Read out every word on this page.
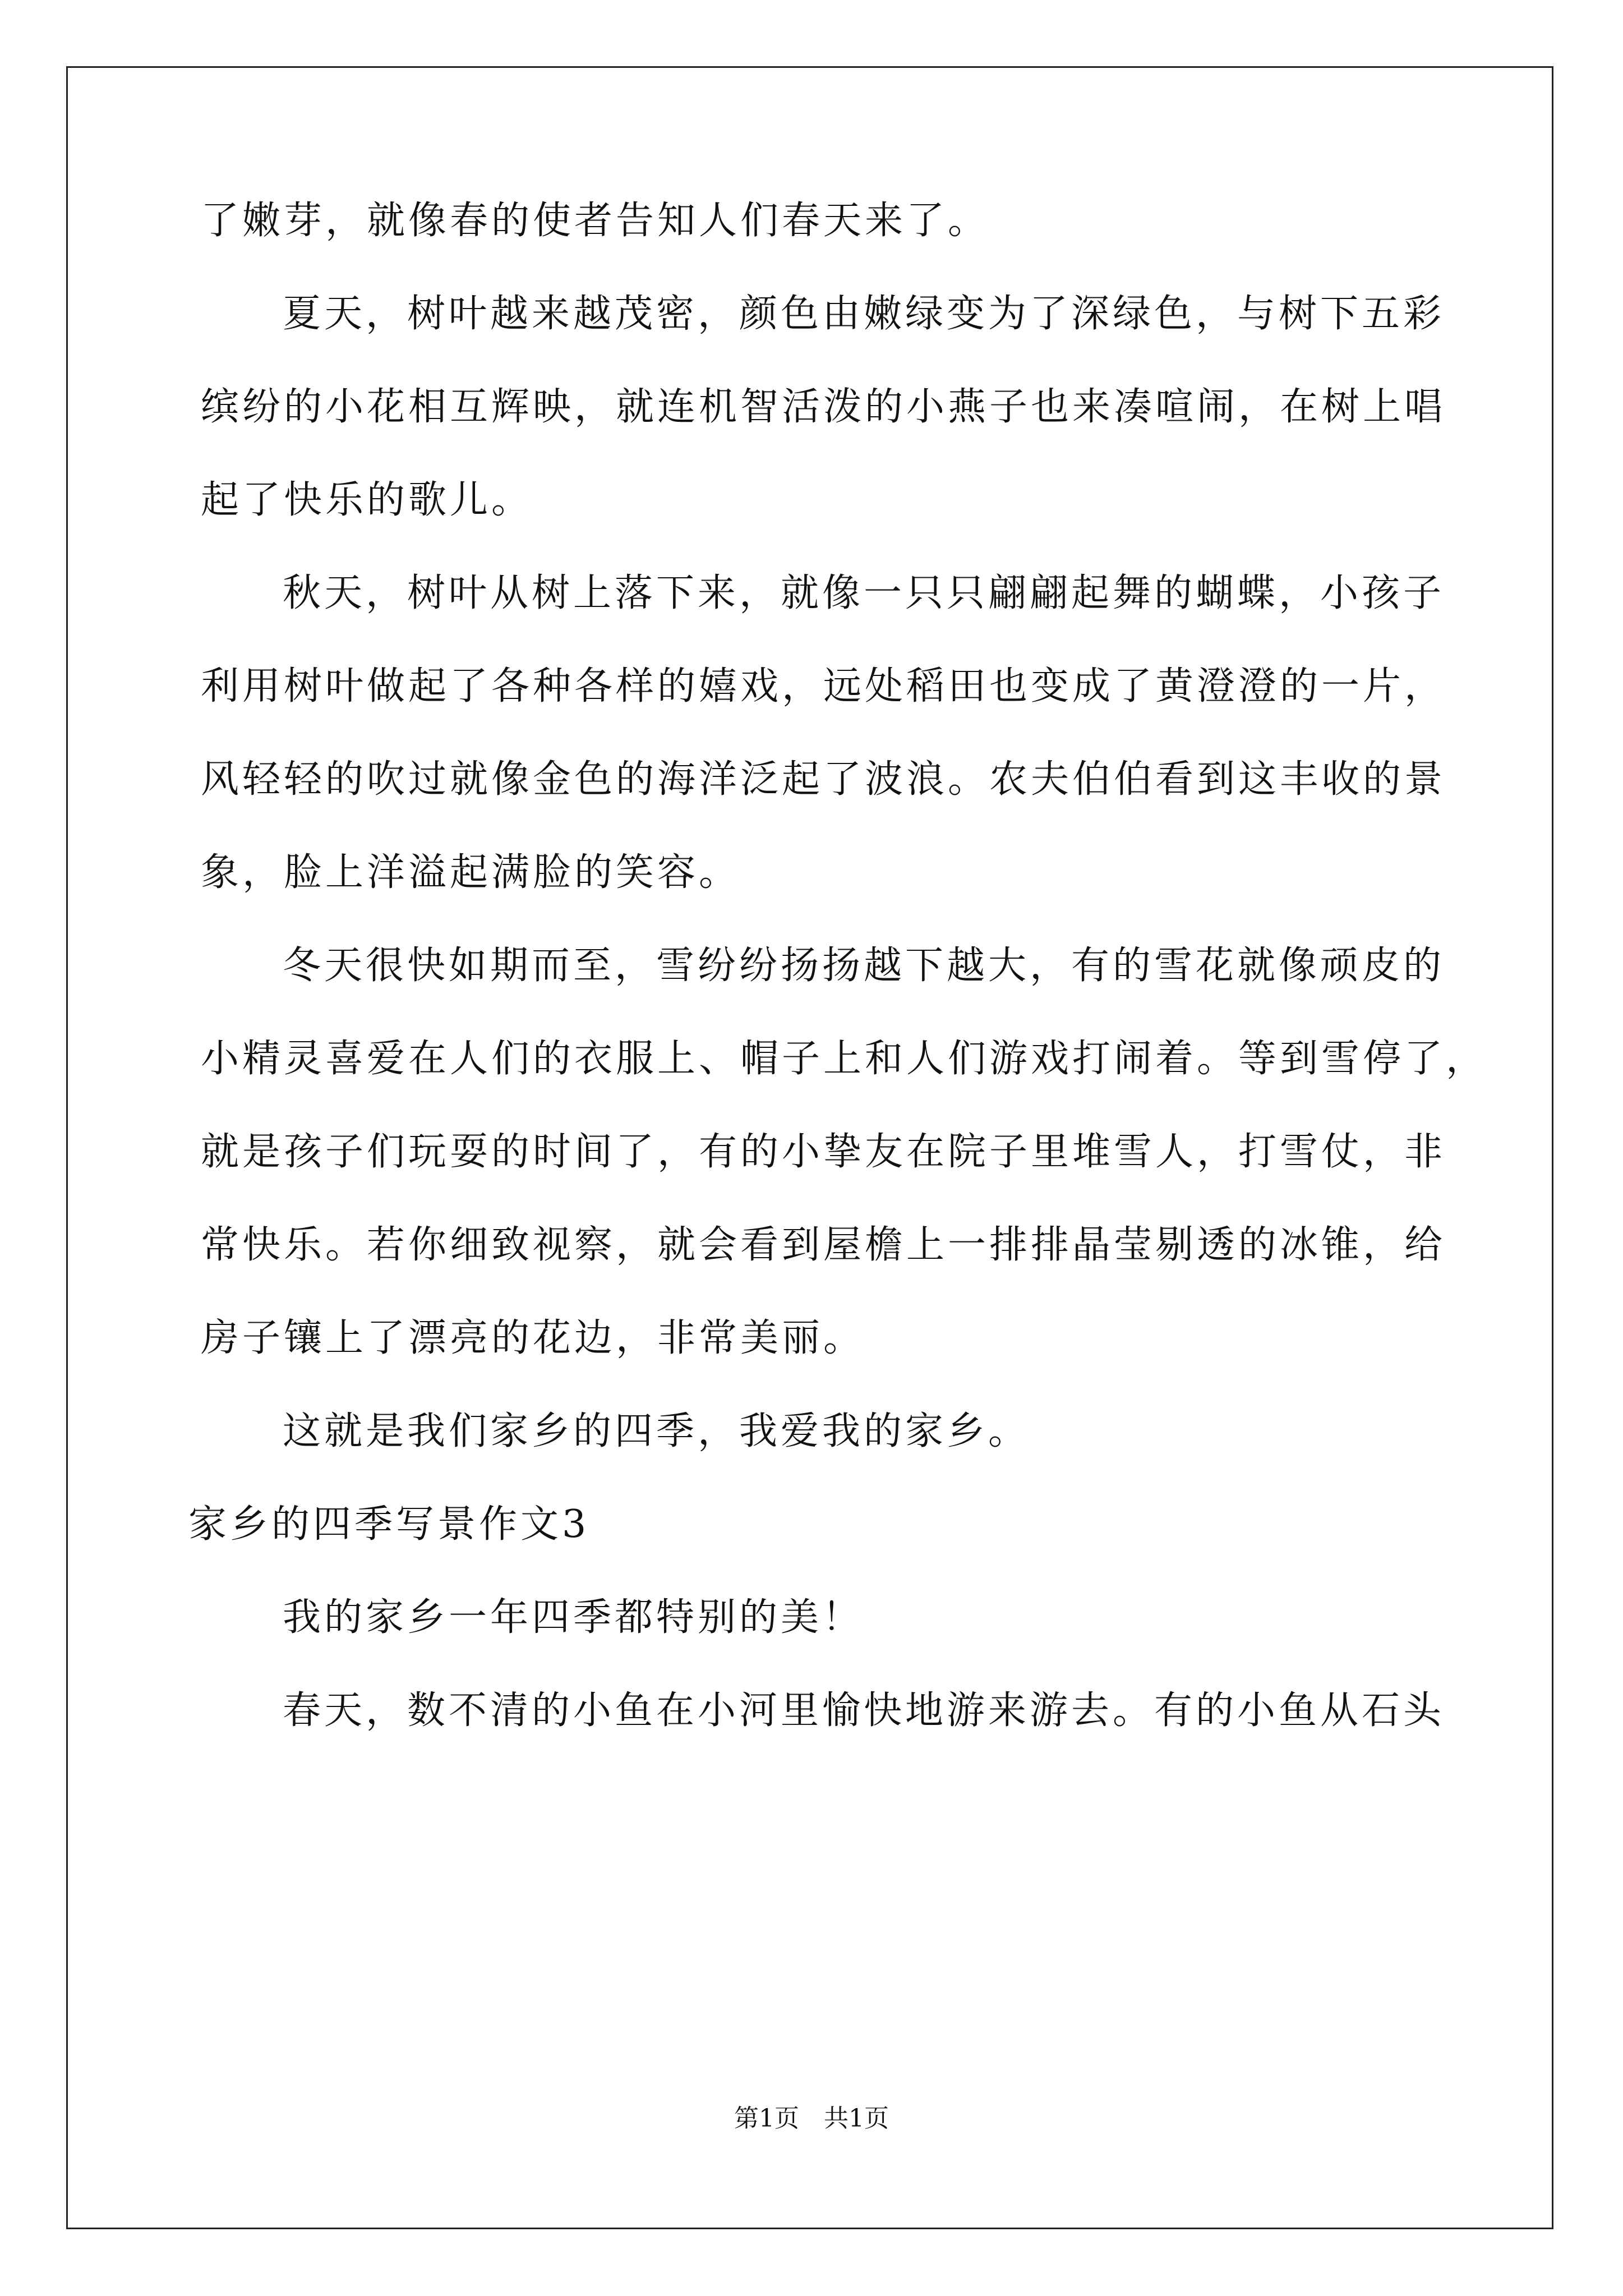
了嫩芽，就像春的使者告知人们春天来了。
夏天，树叶越来越茂密，颜色由嫩绿变为了深绿色，与树下五彩
缤纷的小花相互辉映，就连机智活泼的小燕子也来凑喧闹，在树上唱
起了快乐的歌儿。
秋天，树叶从树上落下来，就像一只只翩翩起舞的蝴蝶，小孩子
利用树叶做起了各种各样的嬉戏，远处稻田也变成了黄澄澄的一片，
风轻轻的吹过就像金色的海洋泛起了波浪。农夫伯伯看到这丰收的景
象，脸上洋溢起满脸的笑容。
冬天很快如期而至，雪纷纷扬扬越下越大，有的雪花就像顽皮的
小精灵喜爱在人们的衣服上、帽子上和人们游戏打闹着。等到雪停了，
就是孩子们玩耍的时间了，有的小挚友在院子里堆雪人，打雪仗，非
常快乐。若你细致视察，就会看到屋檐上一排排晶莹剔透的冰锥，给
房子镶上了漂亮的花边，非常美丽。
这就是我们家乡的四季，我爱我的家乡。
家乡的四季写景作文3
我的家乡一年四季都特别的美！
春天，数不清的小鱼在小河里愉快地游来游去。有的小鱼从石头
第1页　共1页
